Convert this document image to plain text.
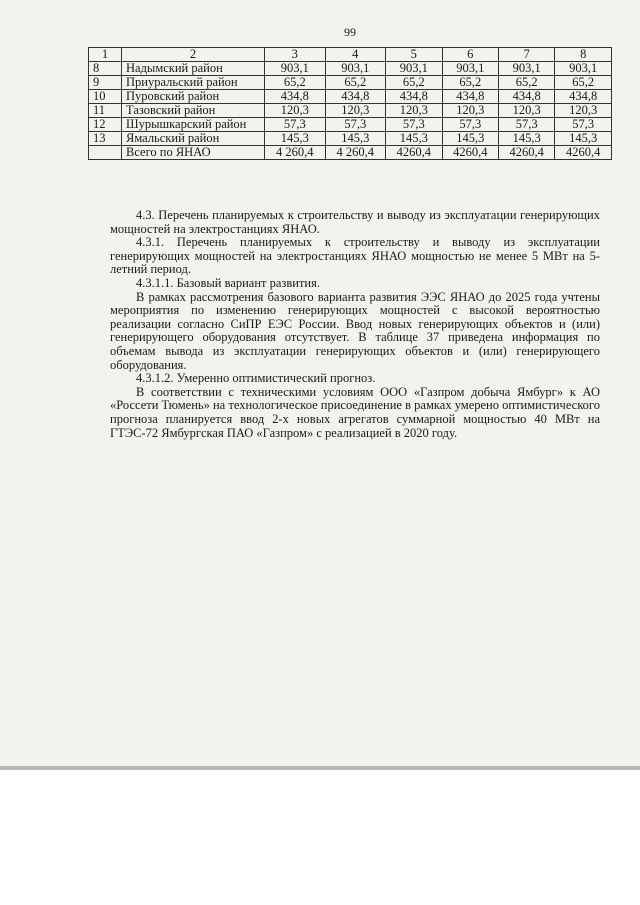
99
1	2	3	4	5	6	7	8
8	Надымский район	903,1	903,1	903,1	903,1	903,1	903,1
9	Приуральский район	65,2	65,2	65,2	65,2	65,2	65,2
10	Пуровский район	434,8	434,8	434,8	434,8	434,8	434,8
11	Тазовский район	120,3	120,3	120,3	120,3	120,3	120,3
12	Шурышкарский район	57,3	57,3	57,3	57,3	57,3	57,3
13	Ямальский район	145,3	145,3	145,3	145,3	145,3	145,3
	Всего по ЯНАО	4 260,4	4 260,4	4260,4	4260,4	4260,4	4260,4

4.3. Перечень планируемых к строительству и выводу из эксплуатации генерирующих мощностей на электростанциях ЯНАО.

4.3.1. Перечень планируемых к строительству и выводу из эксплуатации генерирующих мощностей на электростанциях ЯНАО мощностью не менее 5 МВт на 5-летний период.

4.3.1.1. Базовый вариант развития.

В рамках рассмотрения базового варианта развития ЭЭС ЯНАО до 2025 года учтены мероприятия по изменению генерирующих мощностей с высокой вероятностью реализации согласно СиПР ЕЭС России. Ввод новых генерирующих объектов и (или) генерирующего оборудования отсутствует. В таблице 37 приведена информация по объемам вывода из эксплуатации генерирующих объектов и (или) генерирующего оборудования.

4.3.1.2. Умеренно оптимистический прогноз.

В соответствии с техническими условиям ООО «Газпром добыча Ямбург» к АО «Россети Тюмень» на технологическое присоединение в рамках умерено оптимистического прогноза планируется ввод 2-х новых агрегатов суммарной мощностью 40 МВт на ГТЭС-72 Ямбургская ПАО «Газпром» с реализацией в 2020 году.
